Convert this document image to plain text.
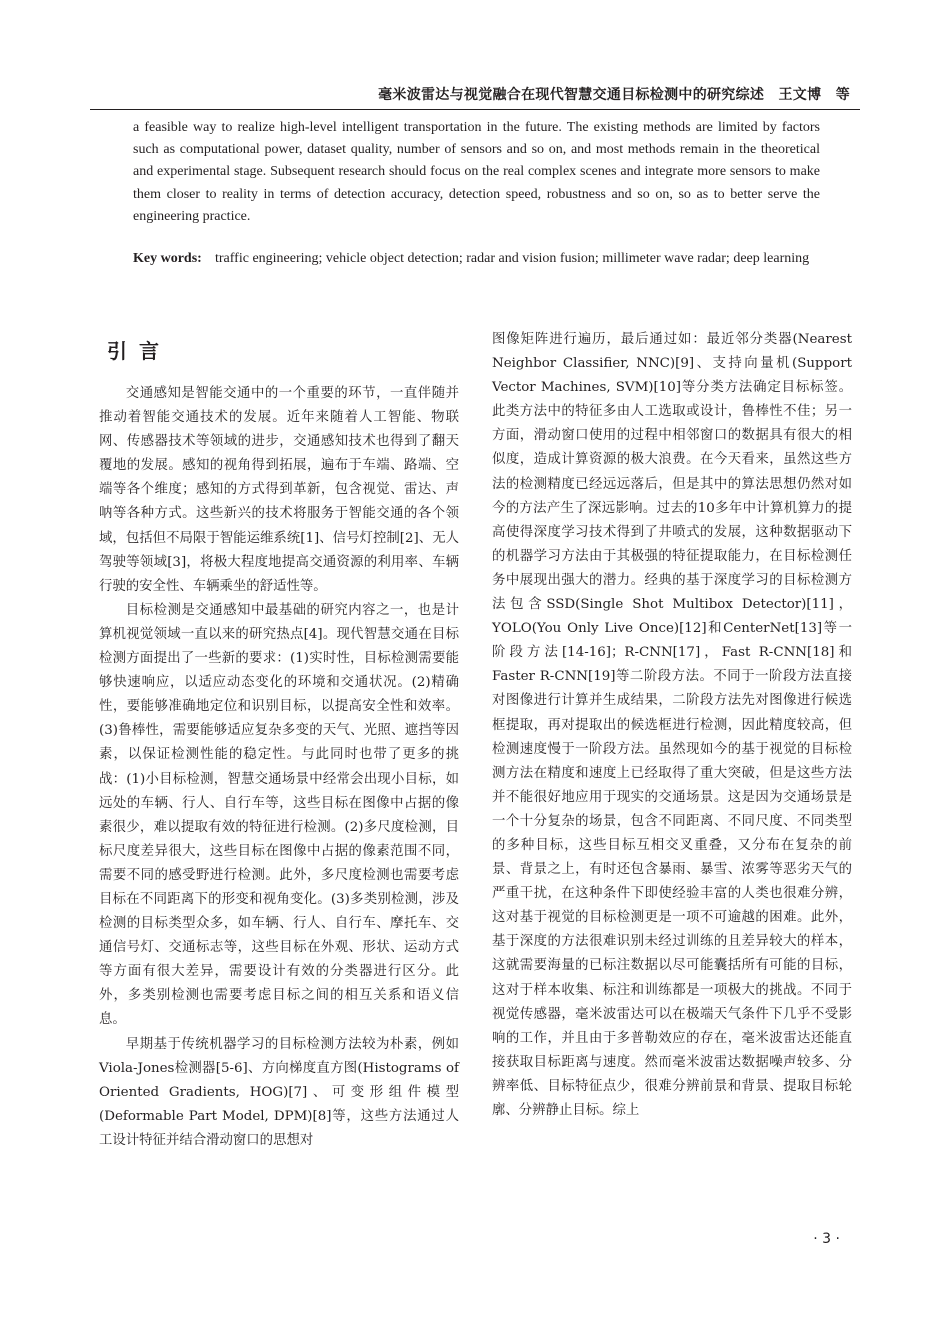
毫米波雷达与视觉融合在现代智慧交通目标检测中的研究综述　王文博　等

a feasible way to realize high-level intelligent transportation in the future. The existing methods are limited by factors such as computational power, dataset quality, number of sensors and so on, and most methods remain in the theoretical and experimental stage. Subsequent research should focus on the real complex scenes and integrate more sensors to make them closer to reality in terms of detection accuracy, detection speed, robustness and so on, so as to better serve the engineering practice.

Key words: traffic engineering; vehicle object detection; radar and vision fusion; millimeter wave radar; deep learning
引言

交通感知是智能交通中的一个重要的环节，一直伴随并推动着智能交通技术的发展。近年来随着人工智能、物联网、传感器技术等领域的进步，交通感知技术也得到了翻天覆地的发展。感知的视角得到拓展，遍布于车端、路端、空端等各个维度；感知的方式得到革新，包含视觉、雷达、声呐等各种方式。这些新兴的技术将服务于智能交通的各个领域，包括但不局限于智能运维系统[1]、信号灯控制[2]、无人驾驶等领域[3]，将极大程度地提高交通资源的利用率、车辆行驶的安全性、车辆乘坐的舒适性等。

目标检测是交通感知中最基础的研究内容之一，也是计算机视觉领域一直以来的研究热点[4]。现代智慧交通在目标检测方面提出了一些新的要求：(1)实时性，目标检测需要能够快速响应，以适应动态变化的环境和交通状况。(2)精确性，要能够准确地定位和识别目标，以提高安全性和效率。(3)鲁棒性，需要能够适应复杂多变的天气、光照、遮挡等因素，以保证检测性能的稳定性。与此同时也带了更多的挑战：(1)小目标检测，智慧交通场景中经常会出现小目标，如远处的车辆、行人、自行车等，这些目标在图像中占据的像素很少，难以提取有效的特征进行检测。(2)多尺度检测，目标尺度差异很大，这些目标在图像中占据的像素范围不同，需要不同的感受野进行检测。此外，多尺度检测也需要考虑目标在不同距离下的形变和视角变化。(3)多类别检测，涉及检测的目标类型众多，如车辆、行人、自行车、摩托车、交通信号灯、交通标志等，这些目标在外观、形状、运动方式等方面有很大差异，需要设计有效的分类器进行区分。此外，多类别检测也需要考虑目标之间的相互关系和语义信息。

早期基于传统机器学习的目标检测方法较为朴素，例如Viola-Jones检测器[5-6]、方向梯度直方图(Histograms of Oriented Gradients, HOG)[7]、可变形组件模型(Deformable Part Model, DPM)[8]等，这些方法通过人工设计特征并结合滑动窗口的思想对

图像矩阵进行遍历，最后通过如：最近邻分类器(Nearest Neighbor Classifier, NNC)[9]、支持向量机(Support Vector Machines, SVM)[10]等分类方法确定目标标签。此类方法中的特征多由人工选取或设计，鲁棒性不佳；另一方面，滑动窗口使用的过程中相邻窗口的数据具有很大的相似度，造成计算资源的极大浪费。在今天看来，虽然这些方法的检测精度已经远远落后，但是其中的算法思想仍然对如今的方法产生了深远影响。过去的10多年中计算机算力的提高使得深度学习技术得到了井喷式的发展，这种数据驱动下的机器学习方法由于其极强的特征提取能力，在目标检测任务中展现出强大的潜力。经典的基于深度学习的目标检测方法包含SSD(Single Shot Multibox Detector)[11]，YOLO(You Only Live Once)[12]和CenterNet[13]等一阶段方法[14-16]；R-CNN[17]，Fast R-CNN[18]和Faster R-CNN[19]等二阶段方法。不同于一阶段方法直接对图像进行计算并生成结果，二阶段方法先对图像进行候选框提取，再对提取出的候选框进行检测，因此精度较高，但检测速度慢于一阶段方法。虽然现如今的基于视觉的目标检测方法在精度和速度上已经取得了重大突破，但是这些方法并不能很好地应用于现实的交通场景。这是因为交通场景是一个十分复杂的场景，包含不同距离、不同尺度、不同类型的多种目标，这些目标互相交叉重叠，又分布在复杂的前景、背景之上，有时还包含暴雨、暴雪、浓雾等恶劣天气的严重干扰，在这种条件下即使经验丰富的人类也很难分辨，这对基于视觉的目标检测更是一项不可逾越的困难。此外，基于深度的方法很难识别未经过训练的且差异较大的样本，这就需要海量的已标注数据以尽可能囊括所有可能的目标，这对于样本收集、标注和训练都是一项极大的挑战。不同于视觉传感器，毫米波雷达可以在极端天气条件下几乎不受影响的工作，并且由于多普勒效应的存在，毫米波雷达还能直接获取目标距离与速度。然而毫米波雷达数据噪声较多、分辨率低、目标特征点少，很难分辨前景和背景、提取目标轮廓、分辨静止目标。综上

· 3 ·
